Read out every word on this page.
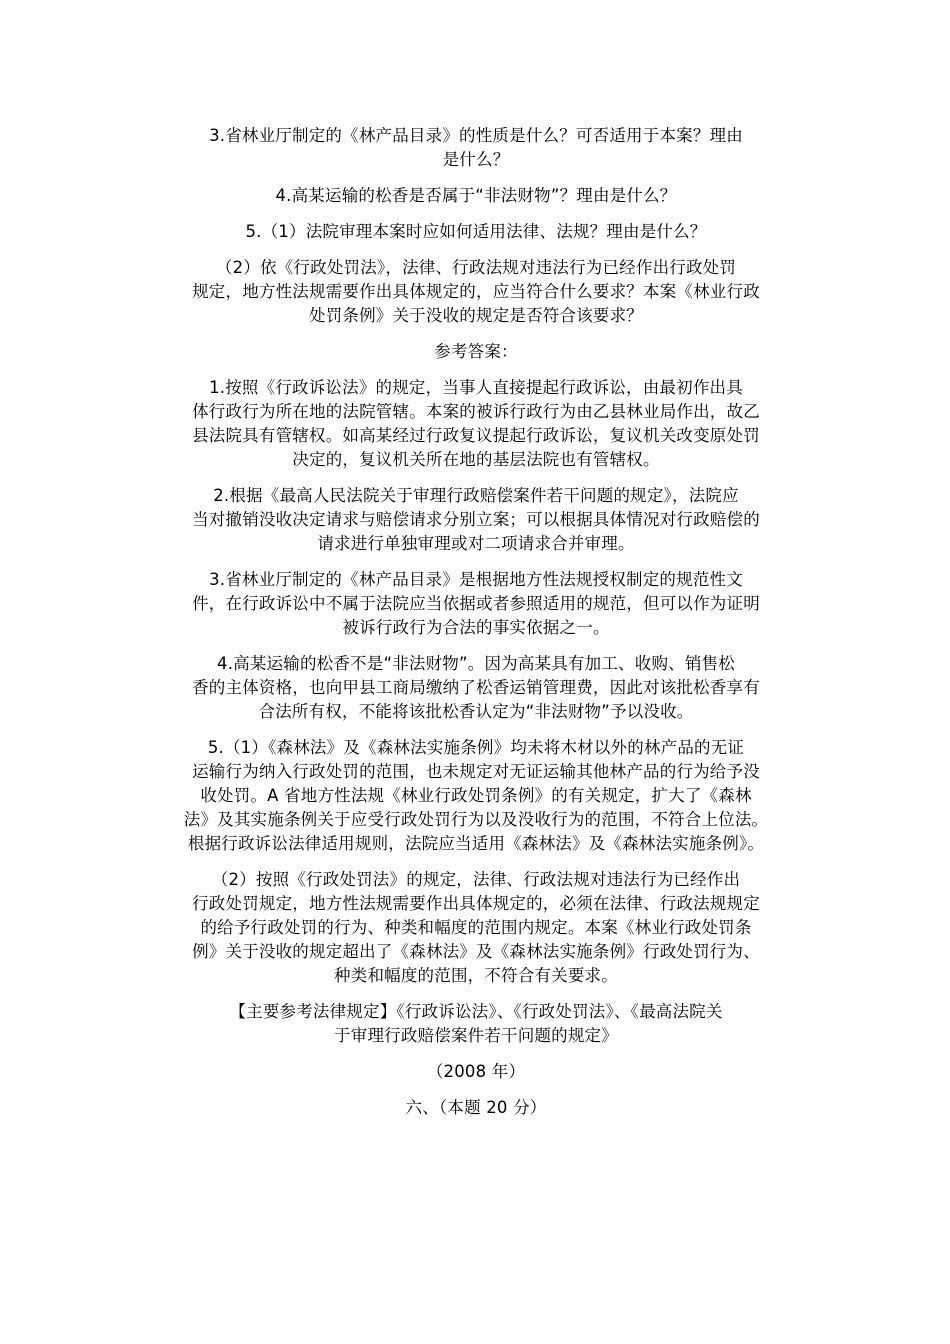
3.省林业厅制定的《林产品目录》的性质是什么？可否适用于本案？理由
是什么？

4.高某运输的松香是否属于“非法财物”？理由是什么？

5.（1）法院审理本案时应如何适用法律、法规？理由是什么？

（2）依《行政处罚法》，法律、行政法规对违法行为已经作出行政处罚
规定，地方性法规需要作出具体规定的，应当符合什么要求？本案《林业行政
处罚条例》关于没收的规定是否符合该要求？

参考答案：

1.按照《行政诉讼法》的规定，当事人直接提起行政诉讼，由最初作出具
体行政行为所在地的法院管辖。本案的被诉行政行为由乙县林业局作出，故乙
县法院具有管辖权。如高某经过行政复议提起行政诉讼，复议机关改变原处罚
决定的，复议机关所在地的基层法院也有管辖权。

2.根据《最高人民法院关于审理行政赔偿案件若干问题的规定》，法院应
当对撤销没收决定请求与赔偿请求分别立案；可以根据具体情况对行政赔偿的
请求进行单独审理或对二项请求合并审理。

3.省林业厅制定的《林产品目录》是根据地方性法规授权制定的规范性文
件，在行政诉讼中不属于法院应当依据或者参照适用的规范，但可以作为证明
被诉行政行为合法的事实依据之一。

4.高某运输的松香不是“非法财物”。因为高某具有加工、收购、销售松
香的主体资格，也向甲县工商局缴纳了松香运销管理费，因此对该批松香享有
合法所有权，不能将该批松香认定为“非法财物”予以没收。

5.（1）《森林法》及《森林法实施条例》均未将木材以外的林产品的无证
运输行为纳入行政处罚的范围，也未规定对无证运输其他林产品的行为给予没
收处罚。A 省地方性法规《林业行政处罚条例》的有关规定，扩大了《森林
法》及其实施条例关于应受行政处罚行为以及没收行为的范围，不符合上位法。
根据行政诉讼法律适用规则，法院应当适用《森林法》及《森林法实施条例》。

（2）按照《行政处罚法》的规定，法律、行政法规对违法行为已经作出
行政处罚规定，地方性法规需要作出具体规定的，必须在法律、行政法规规定
的给予行政处罚的行为、种类和幅度的范围内规定。本案《林业行政处罚条
例》关于没收的规定超出了《森林法》及《森林法实施条例》行政处罚行为、
种类和幅度的范围，不符合有关要求。

【主要参考法律规定】《行政诉讼法》、《行政处罚法》、《最高法院关
于审理行政赔偿案件若干问题的规定》

（2008 年）

六、（本题 20 分）
